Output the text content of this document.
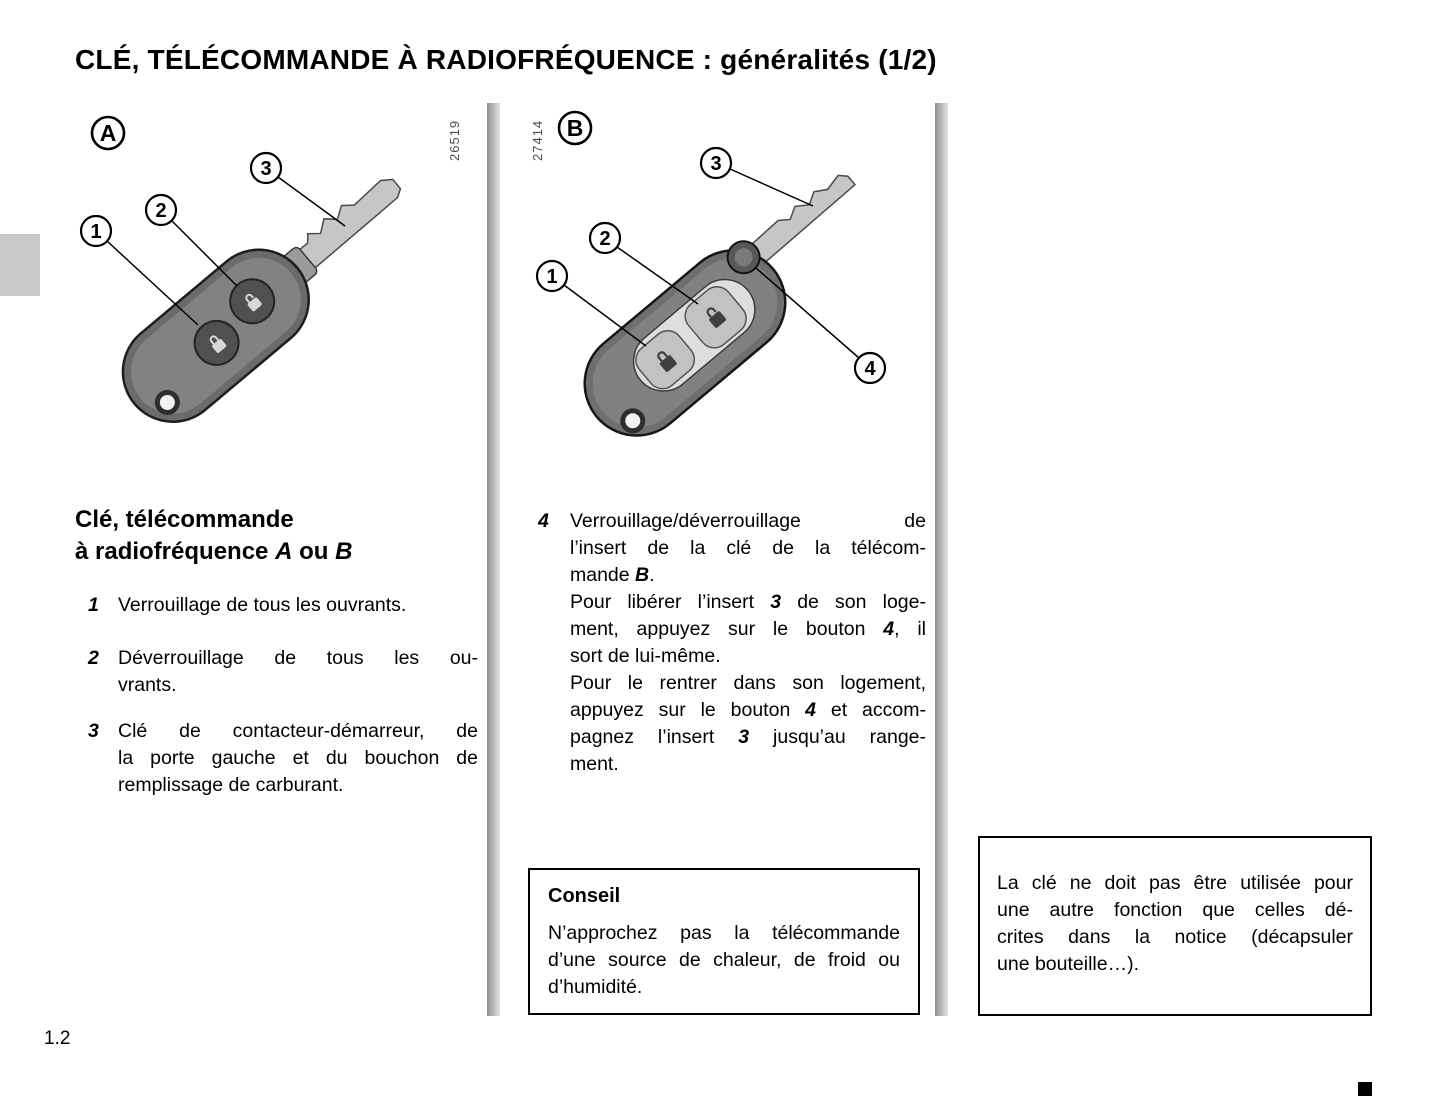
CLÉ, TÉLÉCOMMANDE À RADIOFRÉQUENCE : généralités (1/2)
1
2
3
A	26519
3
2
1
4
B
27414
Clé, télécommande
à radiofréquence A ou B
1 Verrouillage de tous les ouvrants.
2 Déverrouillage de tous les ou-
vrants.
3 Clé de contacteur-démarreur, de
la porte gauche et du bouchon de
remplissage de carburant.
4	Verrouillage/déverrouillage de
l’insert de la clé de la télécom-
mande B.
Pour libérer l’insert 3 de son loge-
ment, appuyez sur le bouton 4, il
sort de lui-même.
Pour le rentrer dans son logement,
appuyez sur le bouton 4 et accom-
pagnez l’insert 3 jusqu’au range-
ment.
Conseil
N’approchez pas la télécommande
d’une source de chaleur, de froid ou
d’humidité.
La clé ne doit pas être utilisée pour
une autre fonction que celles dé-
crites dans la notice (décapsuler
une bouteille…).
1.2
